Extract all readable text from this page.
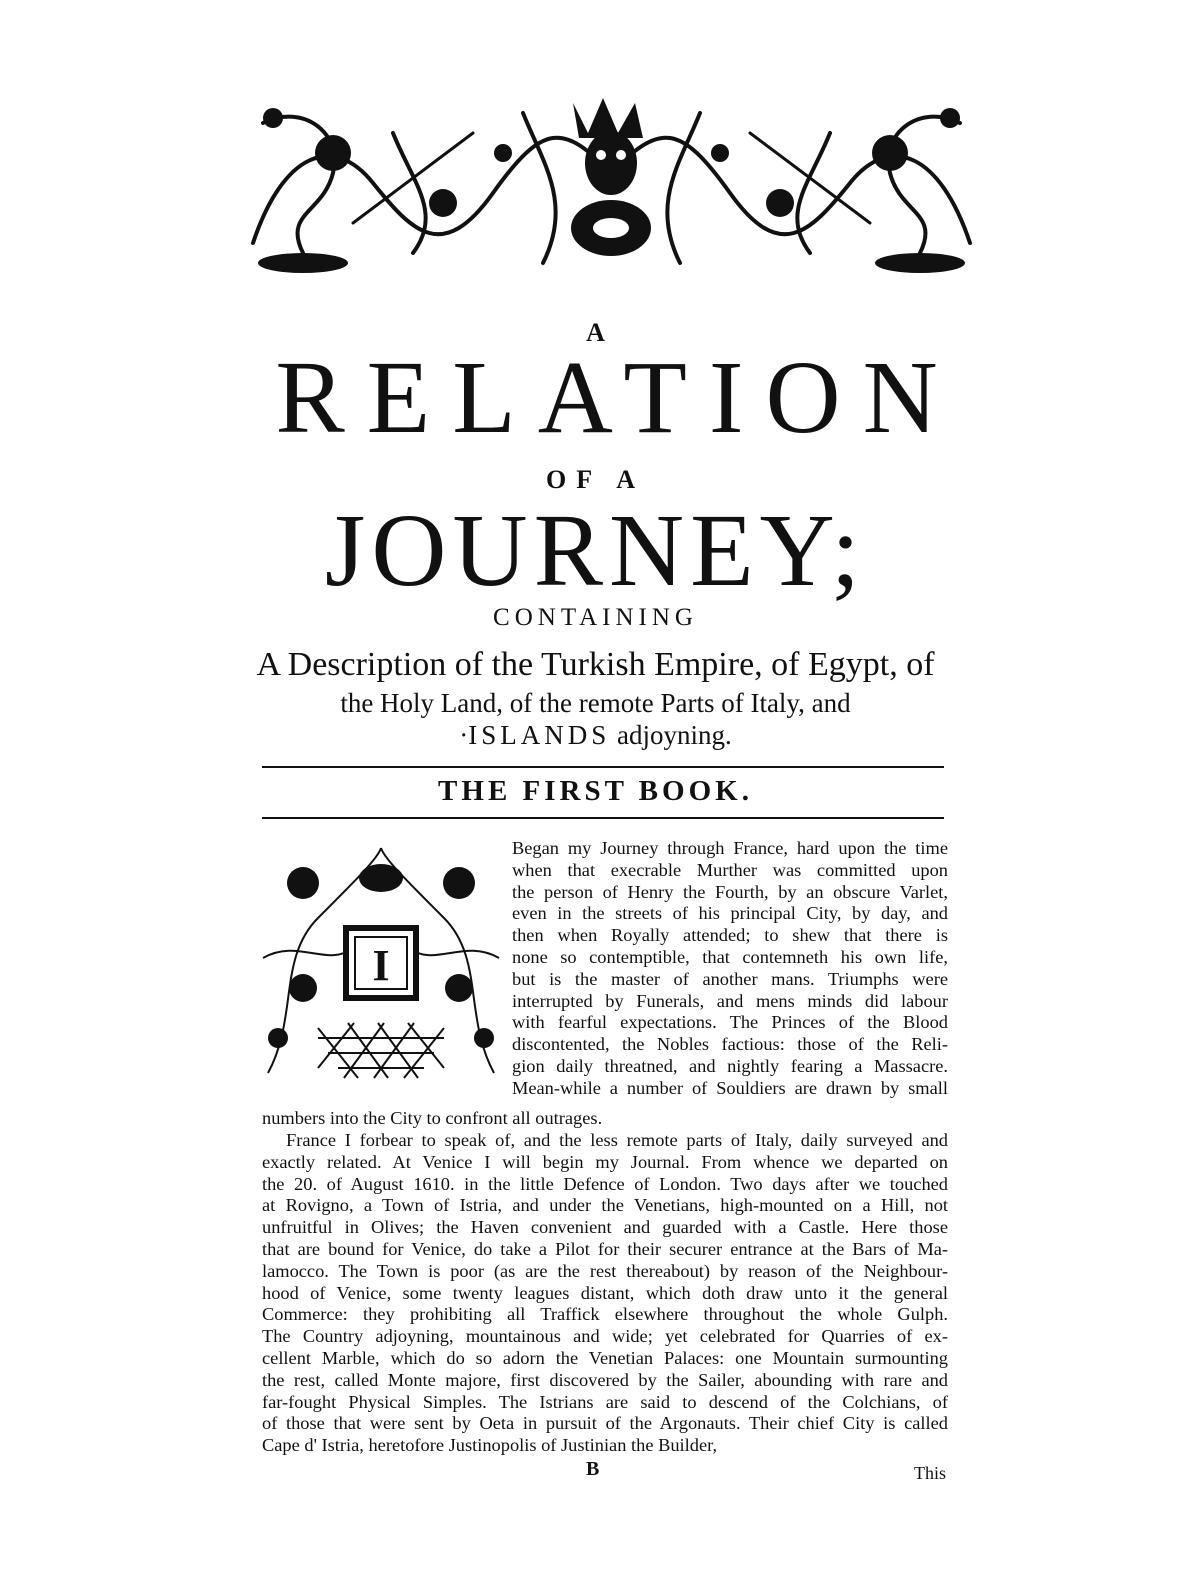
A
RELATION
OF A
JOURNEY;
CONTAINING
A Description of the Turkish Empire, of Egypt, of
the Holy Land, of the remote Parts of Italy, and
·ISLANDS adjoyning.
THE FIRST BOOK.
I
Began my Journey through France, hard upon the time
when that execrable Murther was committed upon
the person of Henry the Fourth, by an obscure Varlet,
even in the streets of his principal City, by day, and
then when Royally attended; to shew that there is
none so contemptible, that contemneth his own life,
but is the master of another mans. Triumphs were
interrupted by Funerals, and mens minds did labour
with fearful expectations. The Princes of the Blood
discontented, the Nobles factious: those of the Reli-
gion daily threatned, and nightly fearing a Massacre.
Mean-while a number of Souldiers are drawn by small
numbers into the City to confront all outrages.
France I forbear to speak of, and the less remote parts of Italy, daily surveyed and
exactly related. At Venice I will begin my Journal. From whence we departed on
the 20. of August 1610. in the little Defence of London. Two days after we touched
at Rovigno, a Town of Istria, and under the Venetians, high-mounted on a Hill, not
unfruitful in Olives; the Haven convenient and guarded with a Castle. Here those
that are bound for Venice, do take a Pilot for their securer entrance at the Bars of Ma-
lamocco. The Town is poor (as are the rest thereabout) by reason of the Neighbour-
hood of Venice, some twenty leagues distant, which doth draw unto it the general
Commerce: they prohibiting all Traffick elsewhere throughout the whole Gulph.
The Country adjoyning, mountainous and wide; yet celebrated for Quarries of ex-
cellent Marble, which do so adorn the Venetian Palaces: one Mountain surmounting
the rest, called Monte majore, first discovered by the Sailer, abounding with rare and
far-fought Physical Simples. The Istrians are said to descend of the Colchians, of
of those that were sent by Oeta in pursuit of the Argonauts. Their chief City is called
Cape d' Istria, heretofore Justinopolis of Justinian the Builder,
B	This
